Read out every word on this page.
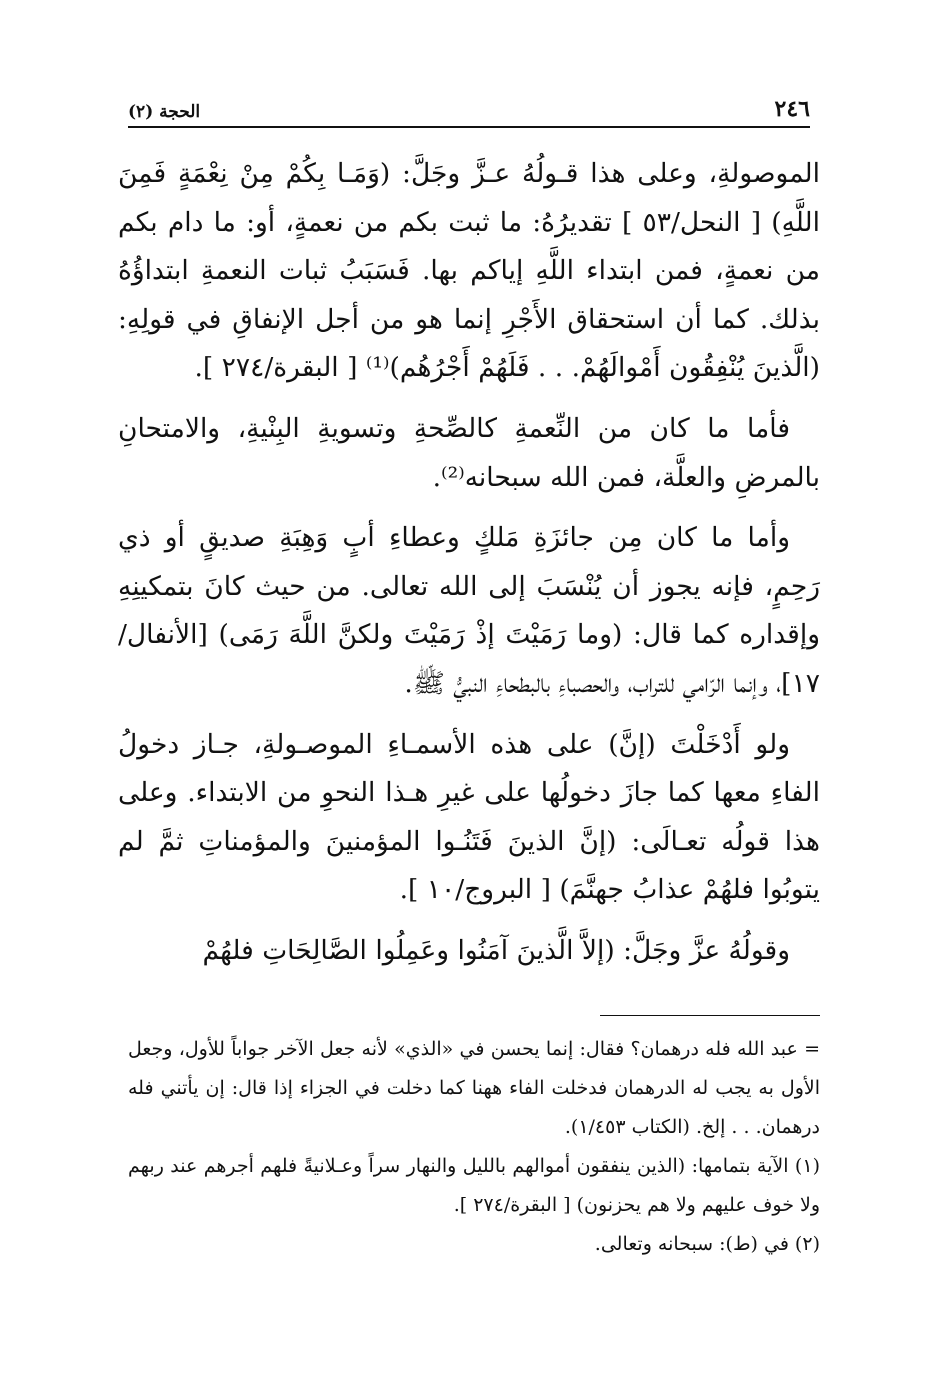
٢٤٦
الحجة (٢)

الموصولةِ، وعلى هذا قـولُهُ عـزَّ وجَلَّ: (وَمَـا بِكُمْ مِنْ نِعْمَةٍ فَمِنَ اللَّهِ) [ النحل/٥٣ ] تقديرُهُ: ما ثبت بكم من نعمةٍ، أو: ما دام بكم من نعمةٍ، فمن ابتداء اللَّهِ إياكم بها. فَسَبَبُ ثبات النعمةِ ابتداؤُهُ بذلك. كما أن استحقاق الأَجْرِ إنما هو من أجل الإنفاقِ في قولِهِ: (الَّذينَ يُنْفِقُون أَمْوالَهُمْ. . . فَلَهُمْ أَجْرُهُم)⁽¹⁾ [ البقرة/٢٧٤ ].

فأما ما كان من النِّعمةِ كالصِّحةِ وتسويةِ البِنْيةِ، والامتحانِ بالمرضِ والعلَّة، فمن الله سبحانه⁽²⁾.

وأما ما كان مِن جائزَةِ مَلكٍ وعطاءِ أبٍ وَهِبَةِ صديقٍ أو ذي رَحِمٍ، فإنه يجوز أن يُنْسَبَ إلى الله تعالى. من حيث كانَ بتمكينِهِ وإقداره كما قال: (وما رَمَيْتَ إذْ رَمَيْتَ ولكنَّ اللَّهَ رَمَى) [الأنفال/١٧]، وإنما الرّامي للتراب، والحصباءِ بالبطحاءِ النبيُّ ﷺ.

ولو أَدْخَلْتَ (إنَّ) على هذه الأسمـاءِ الموصـولةِ، جـاز دخولُ الفاءِ معها كما جازَ دخولُها على غيرِ هـذا النحوِ من الابتداء. وعلى هذا قولُه تعـالَى: (إنَّ الذينَ فَتَنُـوا المؤمنينَ والمؤمناتِ ثمَّ لم يتوبُوا فلهُمْ عذابُ جهنَّمَ) [ البروج/١٠ ].

وقولُهُ عزَّ وجَلَّ: (إلاَّ الَّذينَ آمَنُوا وعَمِلُوا الصَّالِحَاتِ فلهُمْ

= عبد الله فله درهمان؟ فقال: إنما يحسن في «الذي» لأنه جعل الآخر جواباً للأول، وجعل الأول به يجب له الدرهمان فدخلت الفاء ههنا كما دخلت في الجزاء إذا قال: إن يأتني فله درهمان. . . إلخ. (الكتاب ١/٤٥٣).

(١) الآية بتمامها: (الذين ينفقون أموالهم بالليل والنهار سراً وعـلانيةً فلهم أجرهم عند ربهم ولا خوف عليهم ولا هم يحزنون) [ البقرة/٢٧٤ ].

(٢) في (ط): سبحانه وتعالى.
